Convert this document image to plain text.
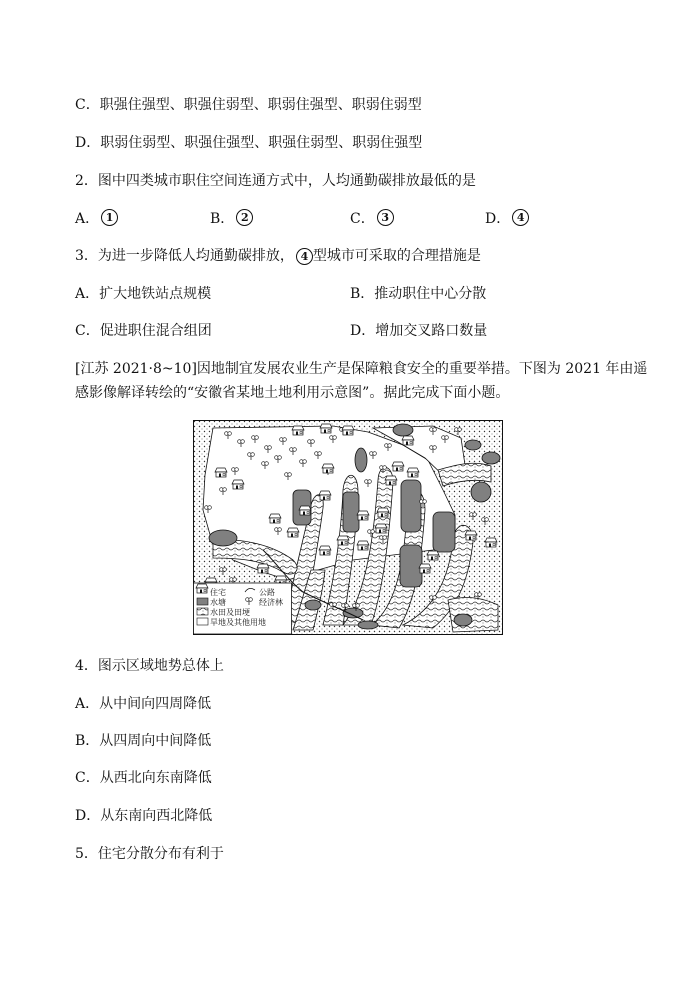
C．职强住强型、职强住弱型、职弱住强型、职弱住弱型
D．职弱住弱型、职强住强型、职强住弱型、职弱住强型
2．图中四类城市职住空间连通方式中，人均通勤碳排放最低的是
A． 1	B． 2	C． 3	D． 4
3．为进一步降低人均通勤碳排放， 4 型城市可采取的合理措施是
A．扩大地铁站点规模	B．推动职住中心分散
C．促进职住混合组团	D．增加交叉路口数量
[江苏 2021·8~10]因地制宜发展农业生产是保障粮食安全的重要举措。下图为 2021 年由遥
感影像解译转绘的“安徽省某地土地利用示意图”。据此完成下面小题。
住宅	公路
水塘	经济林
水田及田埂
旱地及其他用地
4．图示区域地势总体上
A．从中间向四周降低
B．从四周向中间降低
C．从西北向东南降低
D．从东南向西北降低
5．住宅分散分布有利于
